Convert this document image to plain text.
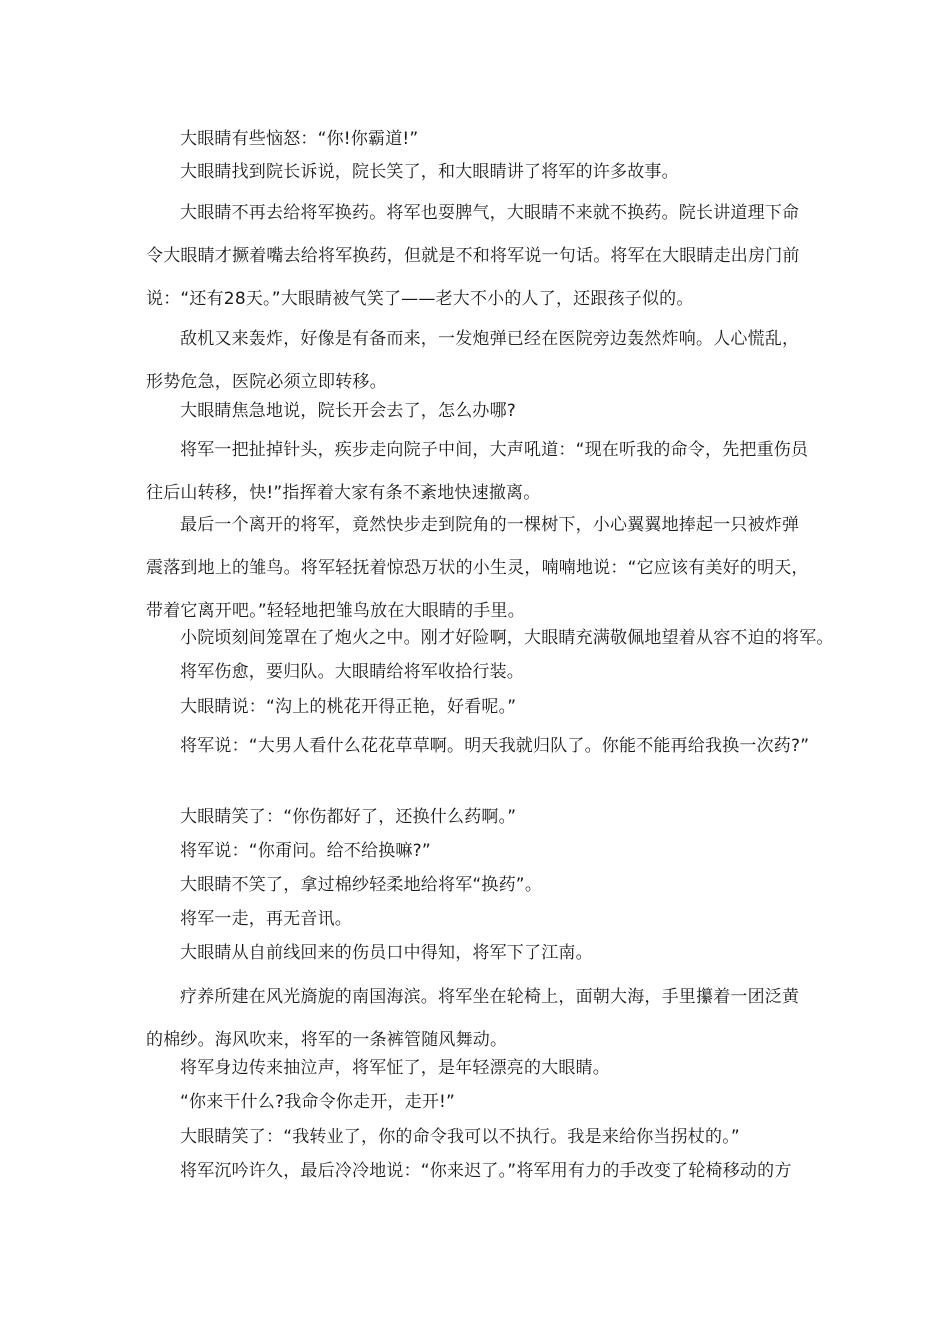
大眼睛有些恼怒：“你!你霸道!”

大眼睛找到院长诉说，院长笑了，和大眼睛讲了将军的许多故事。

大眼睛不再去给将军换药。将军也耍脾气，大眼睛不来就不换药。院长讲道理下命令大眼睛才撅着嘴去给将军换药，但就是不和将军说一句话。将军在大眼睛走出房门前说：“还有28天。”大眼睛被气笑了——老大不小的人了，还跟孩子似的。

敌机又来轰炸，好像是有备而来，一发炮弹已经在医院旁边轰然炸响。人心慌乱，形势危急，医院必须立即转移。

大眼睛焦急地说，院长开会去了，怎么办哪?

将军一把扯掉针头，疾步走向院子中间，大声吼道：“现在听我的命令，先把重伤员往后山转移，快!”指挥着大家有条不紊地快速撤离。

最后一个离开的将军，竟然快步走到院角的一棵树下，小心翼翼地捧起一只被炸弹震落到地上的雏鸟。将军轻抚着惊恐万状的小生灵，喃喃地说：“它应该有美好的明天，带着它离开吧。”轻轻地把雏鸟放在大眼睛的手里。

小院顷刻间笼罩在了炮火之中。刚才好险啊，大眼睛充满敬佩地望着从容不迫的将军。

将军伤愈，要归队。大眼睛给将军收拾行装。

大眼睛说：“沟上的桃花开得正艳，好看呢。”

将军说：“大男人看什么花花草草啊。明天我就归队了。你能不能再给我换一次药?”

大眼睛笑了：“你伤都好了，还换什么药啊。”

将军说：“你甭问。给不给换嘛?”

大眼睛不笑了，拿过棉纱轻柔地给将军“换药”。

将军一走，再无音讯。

大眼睛从自前线回来的伤员口中得知，将军下了江南。

疗养所建在风光旖旎的南国海滨。将军坐在轮椅上，面朝大海，手里攥着一团泛黄的棉纱。海风吹来，将军的一条裤管随风舞动。

将军身边传来抽泣声，将军怔了，是年轻漂亮的大眼睛。

“你来干什么?我命令你走开，走开!”

大眼睛笑了：“我转业了，你的命令我可以不执行。我是来给你当拐杖的。”

将军沉吟许久，最后冷冷地说：“你来迟了。”将军用有力的手改变了轮椅移动的方
